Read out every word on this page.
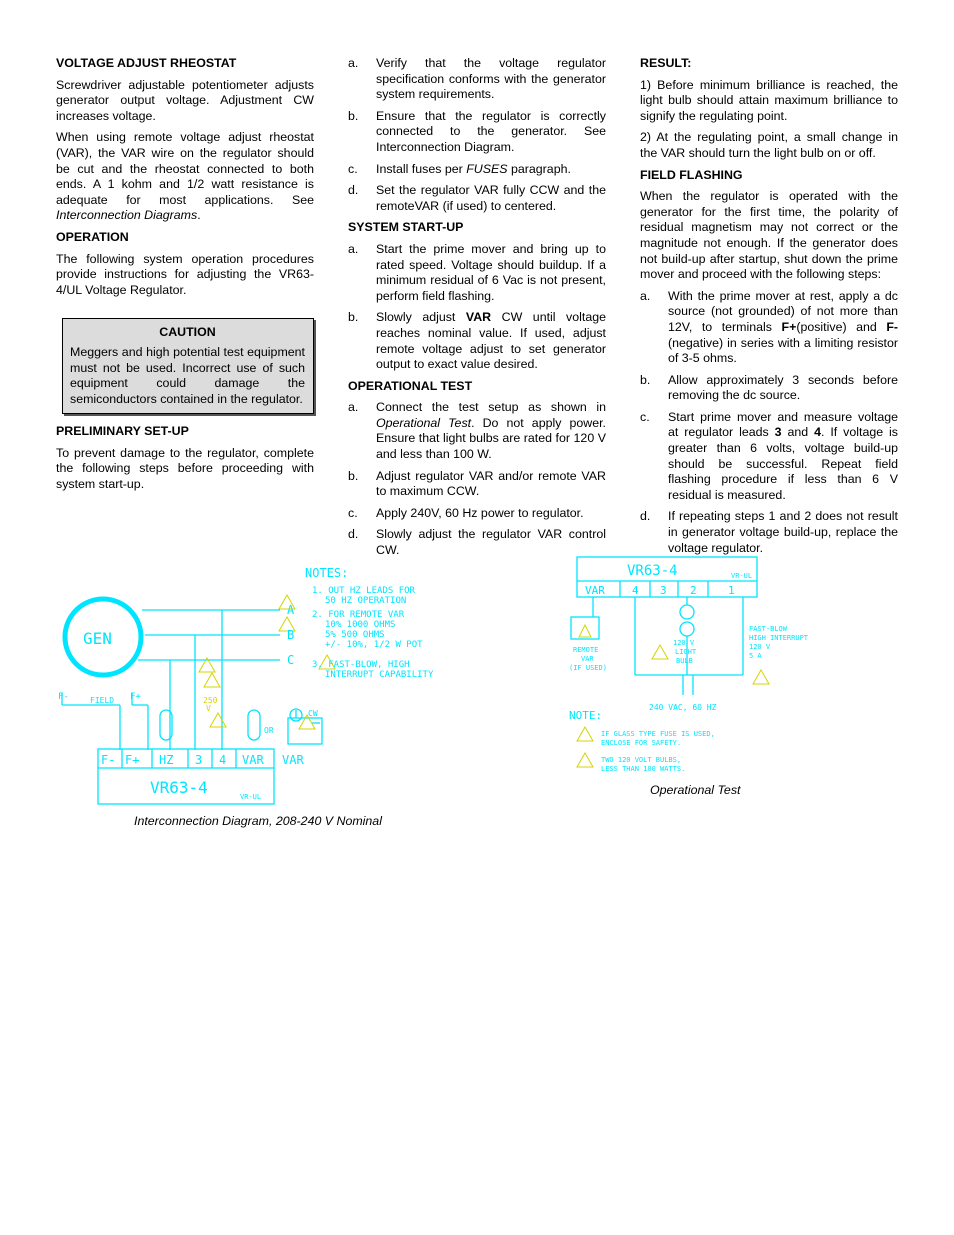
VOLTAGE ADJUST RHEOSTAT

Screwdriver adjustable potentiometer adjusts generator output voltage. Adjustment CW increases voltage.

When using remote voltage adjust rheostat (VAR), the VAR wire on the regulator should be cut and the rheostat connected to both ends. A 1 kohm and 1/2 watt resistance is adequate for most applications. See Interconnection Diagrams.

OPERATION

The following system operation procedures provide instructions for adjusting the VR63-4/UL Voltage Regulator.

CAUTION

Meggers and high potential test equipment must not be used. Incorrect use of such equipment could damage the semiconductors contained in the regulator.

PRELIMINARY SET-UP

To prevent damage to the regulator, complete the following steps before proceeding with system start-up.

a.	Verify that the voltage regulator specification conforms with the generator system requirements.
b.	Ensure that the regulator is correctly connected to the generator. See Interconnection Diagram.
c.	Install fuses per FUSES paragraph.
d.	Set the regulator VAR fully CCW and the remoteVAR (if used) to centered.
SYSTEM START-UP
a.	Start the prime mover and bring up to rated speed. Voltage should buildup. If a minimum residual of 6 Vac is not present, perform field flashing.
b.	Slowly adjust VAR CW until voltage reaches nominal value. If used, adjust remote voltage adjust to set generator output to exact value desired.
OPERATIONAL TEST
a.	Connect the test setup as shown in Operational Test. Do not apply power. Ensure that light bulbs are rated for 120 V and less than 100 W.
b.	Adjust regulator VAR and/or remote VAR to maximum CCW.
c.	Apply 240V, 60 Hz power to regulator.
d.	Slowly adjust the regulator VAR control CW.
RESULT:

1) Before minimum brilliance is reached, the light bulb should attain maximum brilliance to signify the regulating point.

2) At the regulating point, a small change in the VAR should turn the light bulb on or off.

FIELD FLASHING

When the regulator is operated with the generator for the first time, the polarity of residual magnetism may not correct or the magnitude not enough. If the generator does not build-up after startup, shut down the prime mover and proceed with the following steps:

a.	With the prime mover at rest, apply a dc source (not grounded) of not more than 12V, to terminals F+(positive) and F- (negative) in series with a limiting resistor of 3-5 ohms.
b.	Allow approximately 3 seconds before removing the dc source.
c.	Start prime mover and measure voltage at regulator leads 3 and 4. If voltage is greater than 6 volts, voltage build-up should be successful. Repeat field flashing procedure if less than 6 V residual is measured.
d.	If repeating steps 1 and 2 does not result in generator voltage build-up, replace the voltage regulator.
GEN
NOTES:
1. OUT HZ LEADS FOR
50 HZ OPERATION
2. FOR REMOTE VAR
10% 1000 OHMS
5% 500 OHMS
+/- 10%, 1/2 W POT
3. FAST-BLOW, HIGH
INTERRUPT CAPABILITY
A
B
C
F-	FIELD F+	250
V
OR
CW
F- F+ HZ 3 4 VAR VAR
VR63-4	VR-UL
Interconnection Diagram, 208-240 V Nominal
VR63-4	VR-UL
VAR 4 3 2	1
REMOTE
VAR
(IF USED)
120 V
LIGHT
BULB
FAST-BLOW
HIGH INTERRUPT
120 V
5 A
240 VAC, 60 HZ
NOTE:
IF GLASS TYPE FUSE IS USED,
ENCLOSE FOR SAFETY.
TWO 120 VOLT BULBS,
LESS THAN 100 WATTS.
Operational Test
